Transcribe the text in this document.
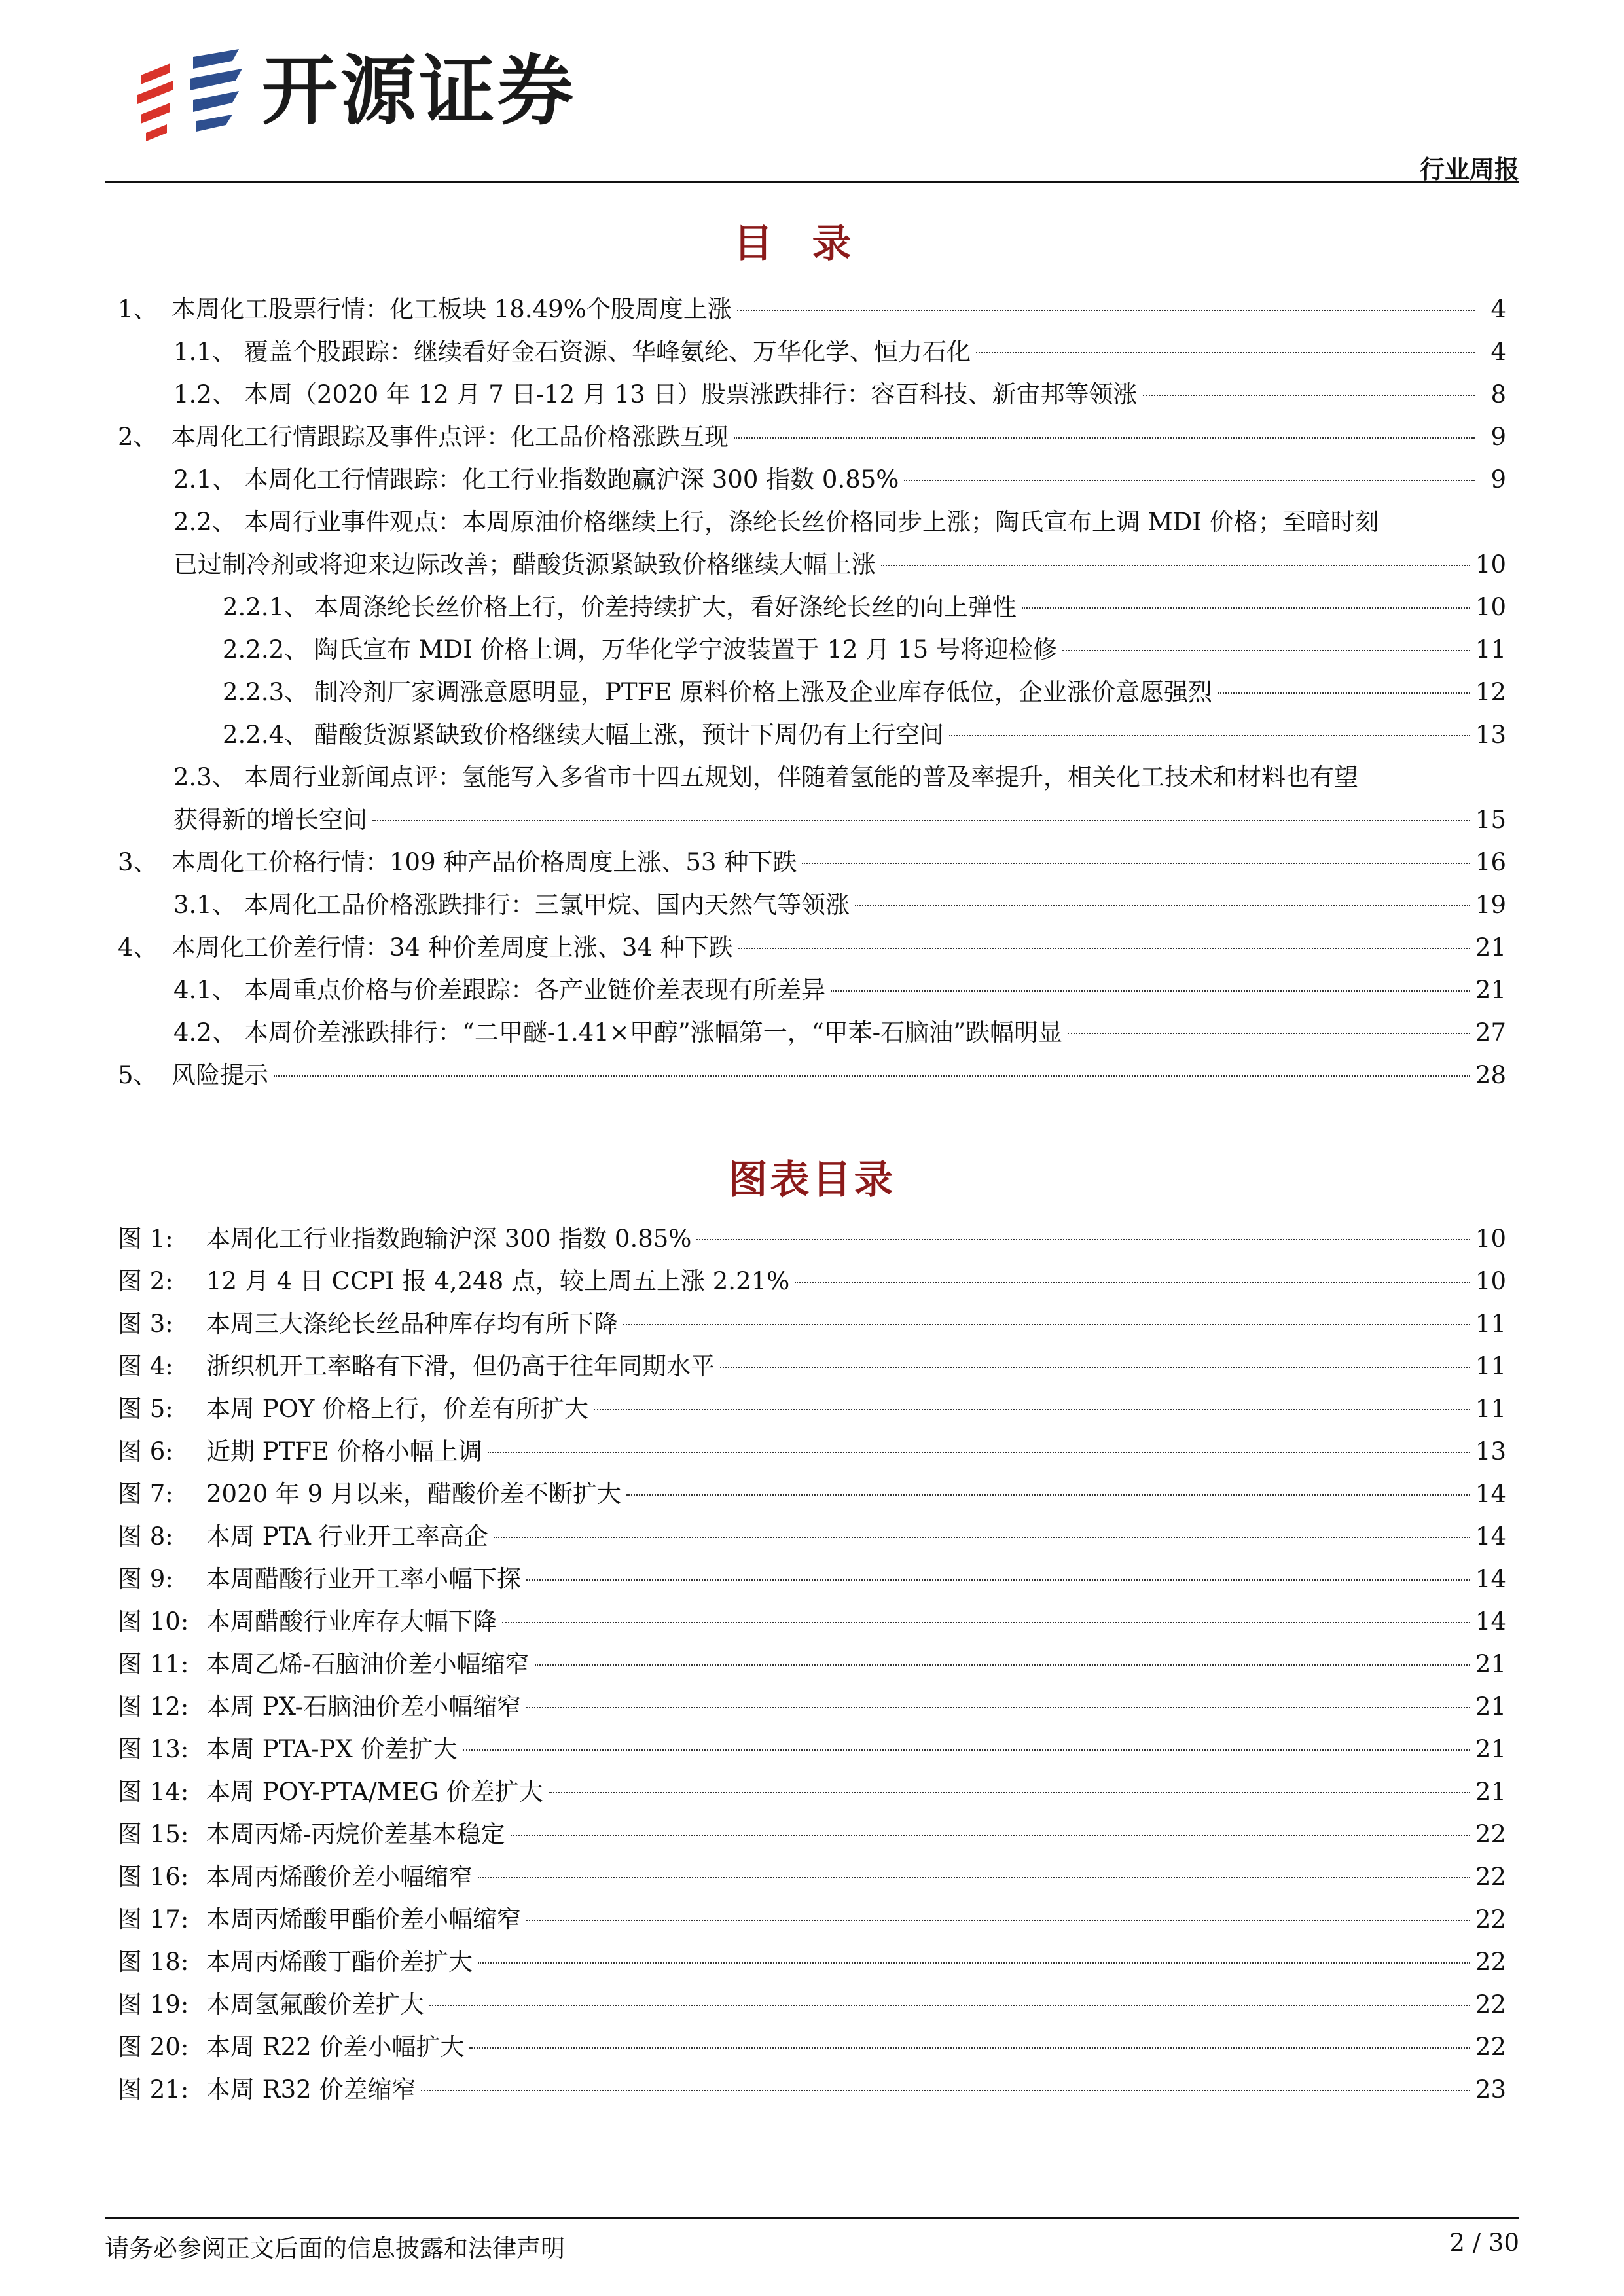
开源证券
行业周报
目录
1、 本周化工股票行情：化工板块 18.49%个股周度上涨	4
1.1、 覆盖个股跟踪：继续看好金石资源、华峰氨纶、万华化学、恒力石化	4
1.2、 本周（2020 年 12 月 7 日-12 月 13 日）股票涨跌排行：容百科技、新宙邦等领涨	8
2、 本周化工行情跟踪及事件点评：化工品价格涨跌互现	9
2.1、 本周化工行情跟踪：化工行业指数跑赢沪深 300 指数 0.85%	9
2.2、 本周行业事件观点：本周原油价格继续上行，涤纶长丝价格同步上涨；陶氏宣布上调 MDI 价格；至暗时刻
已过制冷剂或将迎来边际改善；醋酸货源紧缺致价格继续大幅上涨	10
2.2.1、 本周涤纶长丝价格上行，价差持续扩大，看好涤纶长丝的向上弹性	10
2.2.2、 陶氏宣布 MDI 价格上调，万华化学宁波装置于 12 月 15 号将迎检修	11
2.2.3、 制冷剂厂家调涨意愿明显，PTFE 原料价格上涨及企业库存低位，企业涨价意愿强烈	12
2.2.4、 醋酸货源紧缺致价格继续大幅上涨，预计下周仍有上行空间	13
2.3、 本周行业新闻点评：氢能写入多省市十四五规划，伴随着氢能的普及率提升，相关化工技术和材料也有望
获得新的增长空间	15
3、 本周化工价格行情：109 种产品价格周度上涨、53 种下跌	16
3.1、 本周化工品价格涨跌排行：三氯甲烷、国内天然气等领涨	19
4、 本周化工价差行情：34 种价差周度上涨、34 种下跌	21
4.1、 本周重点价格与价差跟踪：各产业链价差表现有所差异	21
4.2、 本周价差涨跌排行：“二甲醚-1.41×甲醇”涨幅第一，“甲苯-石脑油”跌幅明显	27
5、 风险提示	28
图表目录
图 1:	本周化工行业指数跑输沪深 300 指数 0.85%	10
图 2:	12 月 4 日 CCPI 报 4,248 点，较上周五上涨 2.21%	10
图 3:	本周三大涤纶长丝品种库存均有所下降	11
图 4:	浙织机开工率略有下滑，但仍高于往年同期水平	11
图 5:	本周 POY 价格上行，价差有所扩大	11
图 6:	近期 PTFE 价格小幅上调	13
图 7:	2020 年 9 月以来，醋酸价差不断扩大	14
图 8:	本周 PTA 行业开工率高企	14
图 9:	本周醋酸行业开工率小幅下探	14
图 10: 本周醋酸行业库存大幅下降	14
图 11: 本周乙烯-石脑油价差小幅缩窄	21
图 12: 本周 PX-石脑油价差小幅缩窄	21
图 13: 本周 PTA-PX 价差扩大	21
图 14: 本周 POY-PTA/MEG 价差扩大	21
图 15: 本周丙烯-丙烷价差基本稳定	22
图 16: 本周丙烯酸价差小幅缩窄	22
图 17: 本周丙烯酸甲酯价差小幅缩窄	22
图 18: 本周丙烯酸丁酯价差扩大	22
图 19: 本周氢氟酸价差扩大	22
图 20: 本周 R22 价差小幅扩大	22
图 21: 本周 R32 价差缩窄	23
请务必参阅正文后面的信息披露和法律声明	2 / 30
